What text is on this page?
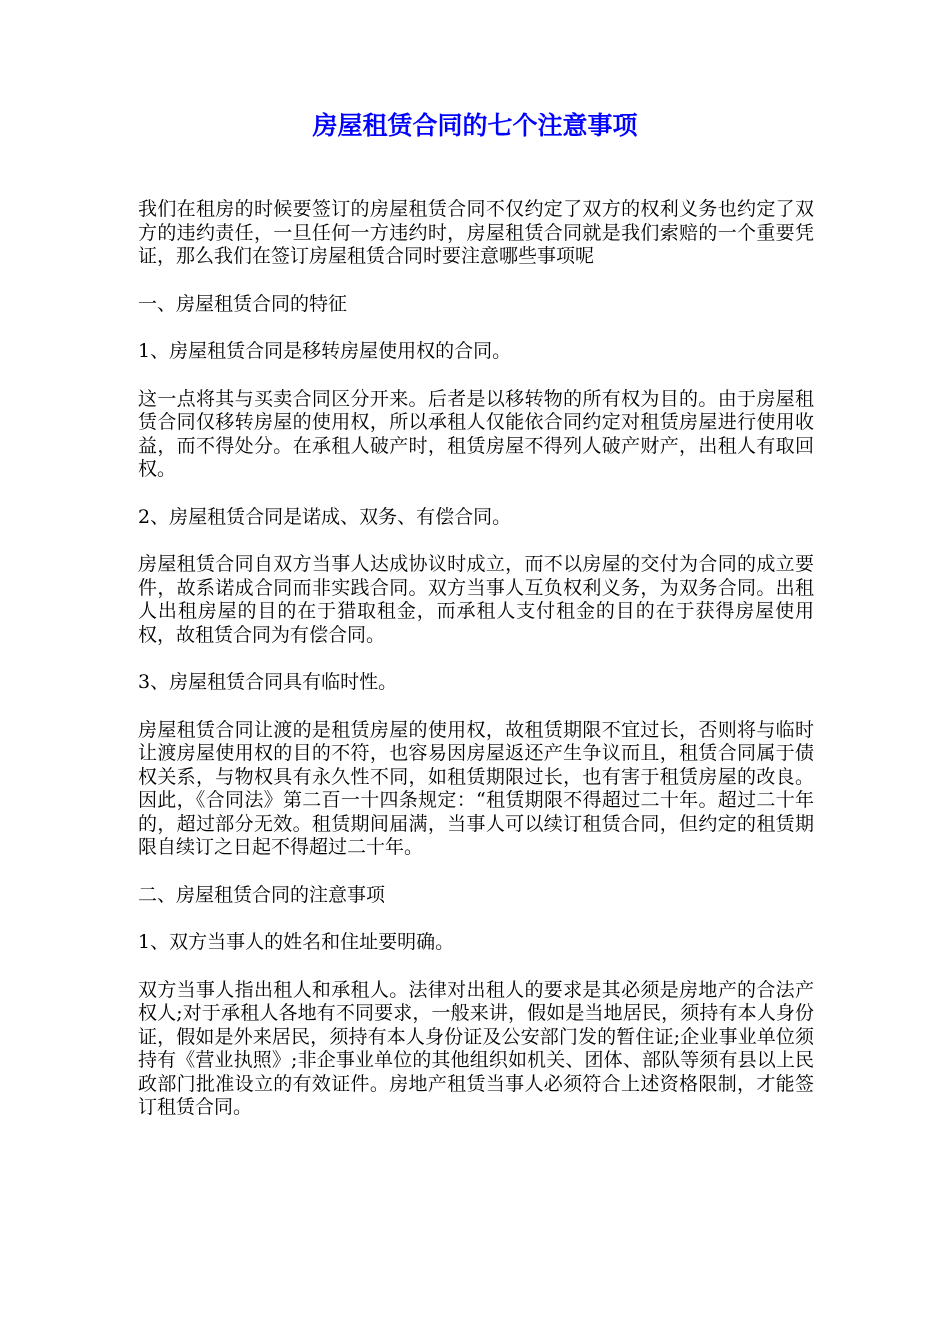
房屋租赁合同的七个注意事项

我们在租房的时候要签订的房屋租赁合同不仅约定了双方的权利义务也约定了双方的违约责任，一旦任何一方违约时，房屋租赁合同就是我们索赔的一个重要凭证，那么我们在签订房屋租赁合同时要注意哪些事项呢

一、房屋租赁合同的特征

1、房屋租赁合同是移转房屋使用权的合同。

这一点将其与买卖合同区分开来。后者是以移转物的所有权为目的。由于房屋租赁合同仅移转房屋的使用权，所以承租人仅能依合同约定对租赁房屋进行使用收益，而不得处分。在承租人破产时，租赁房屋不得列人破产财产，出租人有取回权。

2、房屋租赁合同是诺成、双务、有偿合同。

房屋租赁合同自双方当事人达成协议时成立，而不以房屋的交付为合同的成立要件，故系诺成合同而非实践合同。双方当事人互负权利义务，为双务合同。出租人出租房屋的目的在于猎取租金，而承租人支付租金的目的在于获得房屋使用权，故租赁合同为有偿合同。

3、房屋租赁合同具有临时性。

房屋租赁合同让渡的是租赁房屋的使用权，故租赁期限不宜过长，否则将与临时让渡房屋使用权的目的不符，也容易因房屋返还产生争议而且，租赁合同属于债权关系，与物权具有永久性不同，如租赁期限过长，也有害于租赁房屋的改良。因此，《合同法》第二百一十四条规定：“租赁期限不得超过二十年。超过二十年的，超过部分无效。租赁期间届满，当事人可以续订租赁合同，但约定的租赁期限自续订之日起不得超过二十年。

二、房屋租赁合同的注意事项

1、双方当事人的姓名和住址要明确。

双方当事人指出租人和承租人。法律对出租人的要求是其必须是房地产的合法产权人;对于承租人各地有不同要求，一般来讲，假如是当地居民，须持有本人身份证，假如是外来居民，须持有本人身份证及公安部门发的暂住证;企业事业单位须持有《营业执照》;非企事业单位的其他组织如机关、团体、部队等须有县以上民政部门批准设立的有效证件。房地产租赁当事人必须符合上述资格限制，才能签订租赁合同。
